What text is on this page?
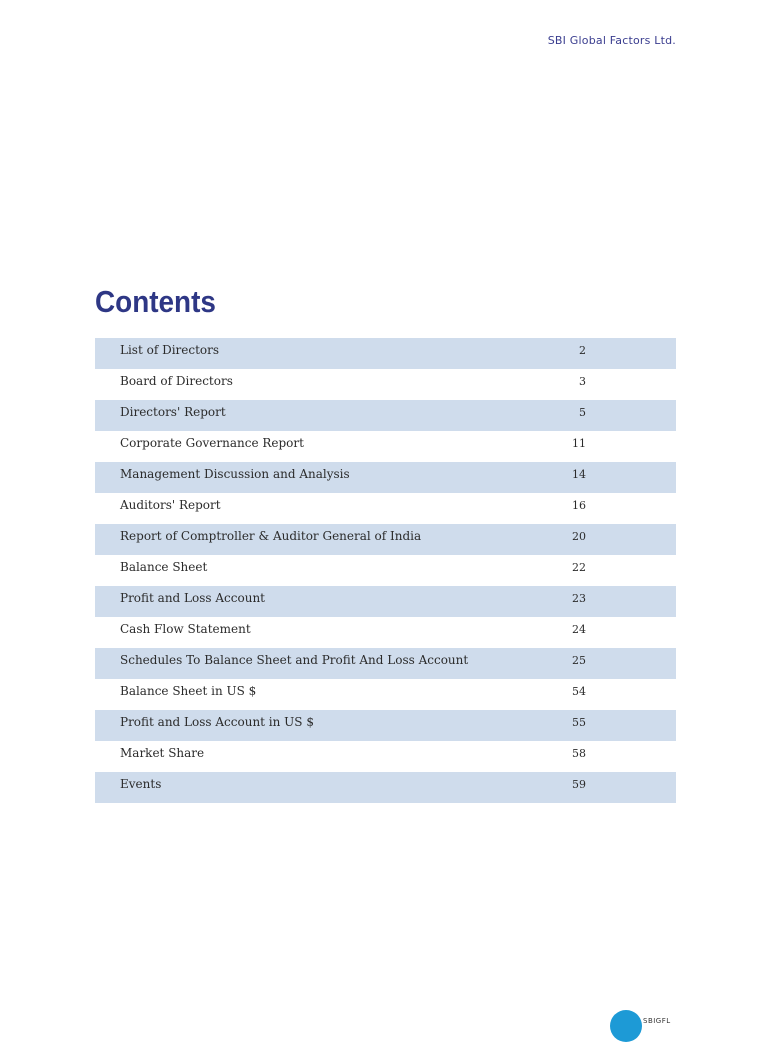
SBI Global Factors Ltd.
Contents
List of Directors	2
Board of Directors	3
Directors' Report	5
Corporate Governance Report	11
Management Discussion and Analysis	14
Auditors' Report	16
Report of Comptroller & Auditor General of India	20
Balance Sheet	22
Profit and Loss Account	23
Cash Flow Statement	24
Schedules To Balance Sheet and Profit And Loss Account	25
Balance Sheet in US $	54
Profit and Loss Account in US $	55
Market Share	58
Events	59
SBIGFL
